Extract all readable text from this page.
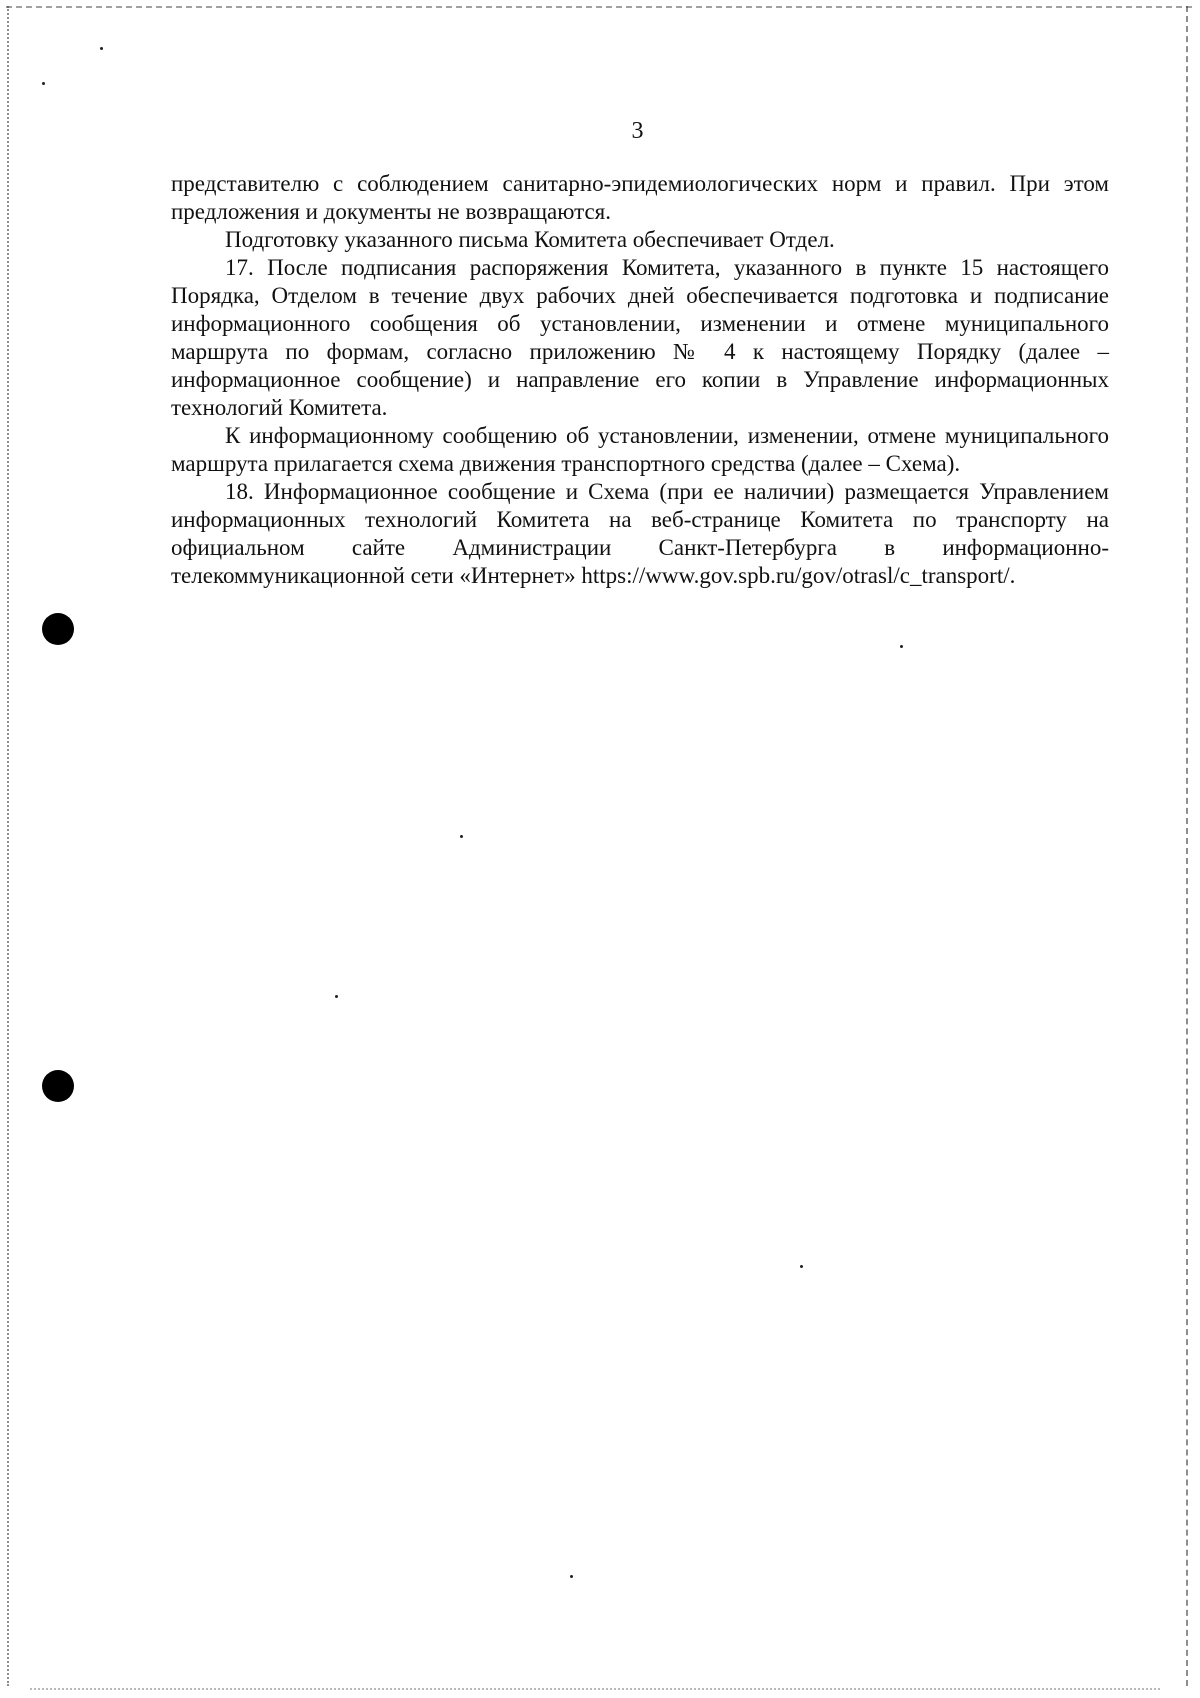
3

представителю с соблюдением санитарно-эпидемиологических норм и правил. При этом предложения и документы не возвращаются.

Подготовку указанного письма Комитета обеспечивает Отдел.

17. После подписания распоряжения Комитета, указанного в пункте 15 настоящего Порядка, Отделом в течение двух рабочих дней обеспечивается подготовка и подписание информационного сообщения об установлении, изменении и отмене муниципального маршрута по формам, согласно приложению № 4 к настоящему Порядку (далее – информационное сообщение) и направление его копии в Управление информационных технологий Комитета.

К информационному сообщению об установлении, изменении, отмене муниципального маршрута прилагается схема движения транспортного средства (далее – Схема).

18. Информационное сообщение и Схема (при ее наличии) размещается Управлением информационных технологий Комитета на веб-странице Комитета по транспорту на официальном сайте Администрации Санкт-Петербурга в информационно-телекоммуникационной сети «Интернет» https://www.gov.spb.ru/gov/otrasl/c_transport/.
